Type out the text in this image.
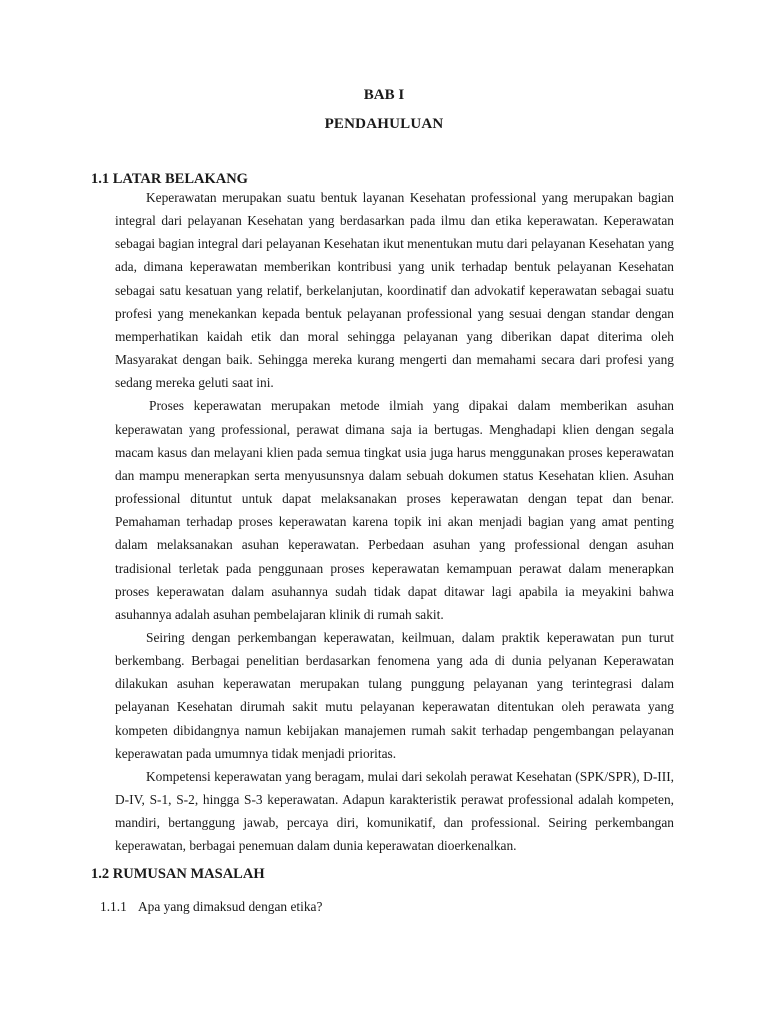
BAB I
PENDAHULUAN
1.1 LATAR BELAKANG

Keperawatan merupakan suatu bentuk layanan Kesehatan professional yang merupakan bagian integral dari pelayanan Kesehatan yang berdasarkan pada ilmu dan etika keperawatan. Keperawatan sebagai bagian integral dari pelayanan Kesehatan ikut menentukan mutu dari pelayanan Kesehatan yang ada, dimana keperawatan memberikan kontribusi yang unik terhadap bentuk pelayanan Kesehatan sebagai satu kesatuan yang relatif, berkelanjutan, koordinatif dan advokatif keperawatan sebagai suatu profesi yang menekankan kepada bentuk pelayanan professional yang sesuai dengan standar dengan memperhatikan kaidah etik dan moral sehingga pelayanan yang diberikan dapat diterima oleh Masyarakat dengan baik. Sehingga mereka kurang mengerti dan memahami secara dari profesi yang sedang mereka geluti saat ini.

Proses keperawatan merupakan metode ilmiah yang dipakai dalam memberikan asuhan keperawatan yang professional, perawat dimana saja ia bertugas. Menghadapi klien dengan segala macam kasus dan melayani klien pada semua tingkat usia juga harus menggunakan proses keperawatan dan mampu menerapkan serta menyusunsnya dalam sebuah dokumen status Kesehatan klien. Asuhan professional dituntut untuk dapat melaksanakan proses keperawatan dengan tepat dan benar. Pemahaman terhadap proses keperawatan karena topik ini akan menjadi bagian yang amat penting dalam melaksanakan asuhan keperawatan. Perbedaan asuhan yang professional dengan asuhan tradisional terletak pada penggunaan proses keperawatan kemampuan perawat dalam menerapkan proses keperawatan dalam asuhannya sudah tidak dapat ditawar lagi apabila ia meyakini bahwa asuhannya adalah asuhan pembelajaran klinik di rumah sakit.

Seiring dengan perkembangan keperawatan, keilmuan, dalam praktik keperawatan pun turut berkembang. Berbagai penelitian berdasarkan fenomena yang ada di dunia pelyanan Keperawatan dilakukan asuhan keperawatan merupakan tulang punggung pelayanan yang terintegrasi dalam pelayanan Kesehatan dirumah sakit mutu pelayanan keperawatan ditentukan oleh perawata yang kompeten dibidangnya namun kebijakan manajemen rumah sakit terhadap pengembangan pelayanan keperawatan pada umumnya tidak menjadi prioritas.

Kompetensi keperawatan yang beragam, mulai dari sekolah perawat Kesehatan (SPK/SPR), D-III, D-IV, S-1, S-2, hingga S-3 keperawatan. Adapun karakteristik perawat professional adalah kompeten, mandiri, bertanggung jawab, percaya diri, komunikatif, dan professional. Seiring perkembangan keperawatan, berbagai penemuan dalam dunia keperawatan dioerkenalkan.

1.2 RUMUSAN MASALAH
1.1.1 Apa yang dimaksud dengan etika?
